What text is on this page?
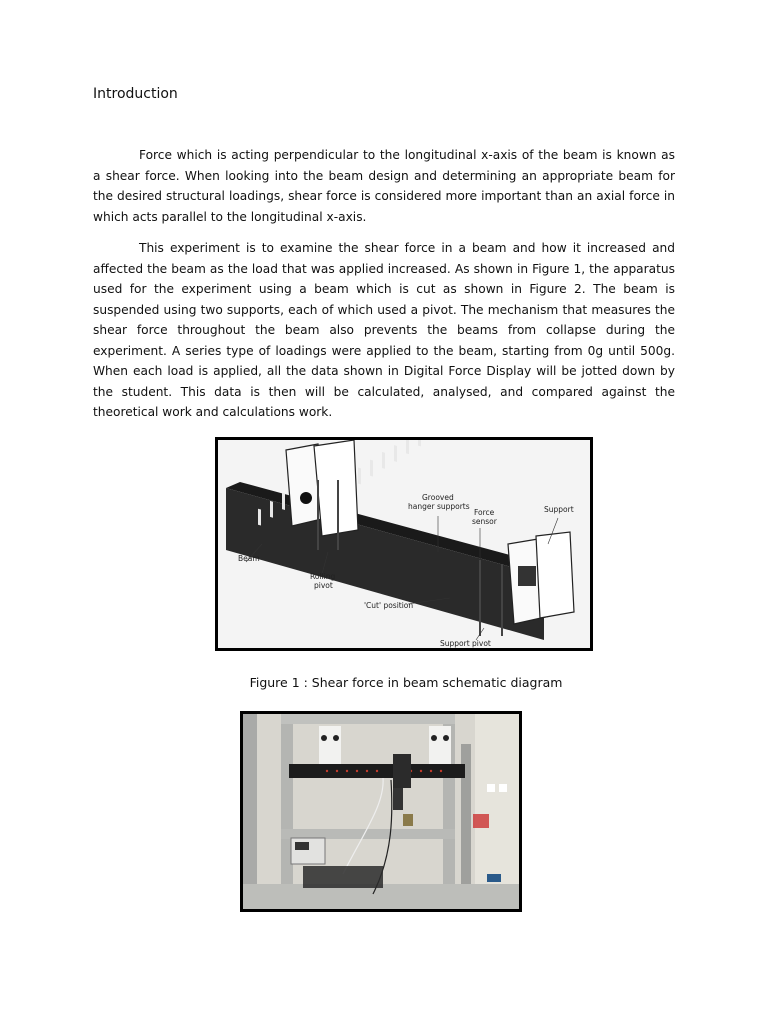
Introduction

Force which is acting perpendicular to the longitudinal x-axis of the beam is known as a shear force. When looking into the beam design and determining an appropriate beam for the desired structural loadings, shear force is considered more important than an axial force in which acts parallel to the longitudinal x-axis.

This experiment is to examine the shear force in a beam and how it increased and affected the beam as the load that was applied increased. As shown in Figure 1, the apparatus used for the experiment using a beam which is cut as shown in Figure 2. The beam is suspended using two supports, each of which used a pivot. The mechanism that measures the shear force throughout the beam also prevents the beams from collapse during the experiment. A series type of loadings were applied to the beam, starting from 0g until 500g. When each load is applied, all the data shown in Digital Force Display will be jotted down by the student. This data is then will be calculated, analysed, and compared against the theoretical work and calculations work.

Grooved
hanger supports
Force
sensor
Support
Beam
Rolling
pivot
'Cut' position
Support pivot

Figure 1 : Shear force in beam schematic diagram
